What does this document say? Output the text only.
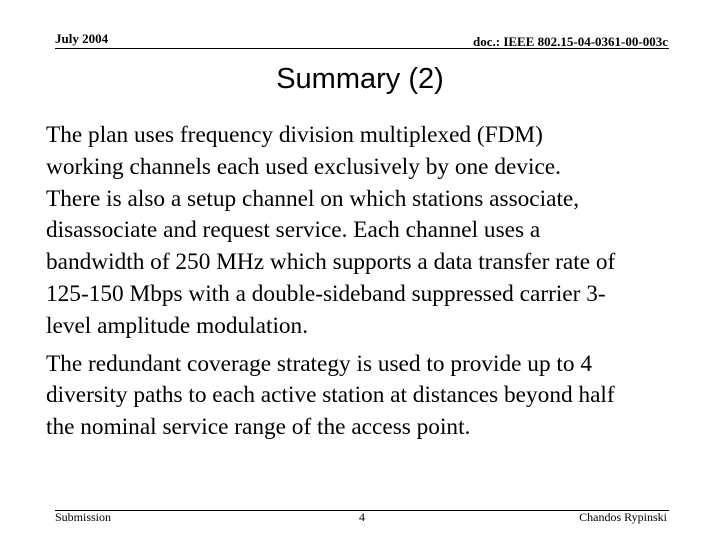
July 2004	doc.: IEEE 802.15-04-0361-00-003c
Summary (2)

The plan uses frequency division multiplexed (FDM)
working channels each used exclusively by one device.
There is also a setup channel on which stations associate,
disassociate and request service. Each channel uses a
bandwidth of 250 MHz which supports a data transfer rate of
125-150 Mbps with a double-sideband suppressed carrier 3-
level amplitude modulation.

The redundant coverage strategy is used to provide up to 4
diversity paths to each active station at distances beyond half
the nominal service range of the access point.

Submission	4	Chandos Rypinski
